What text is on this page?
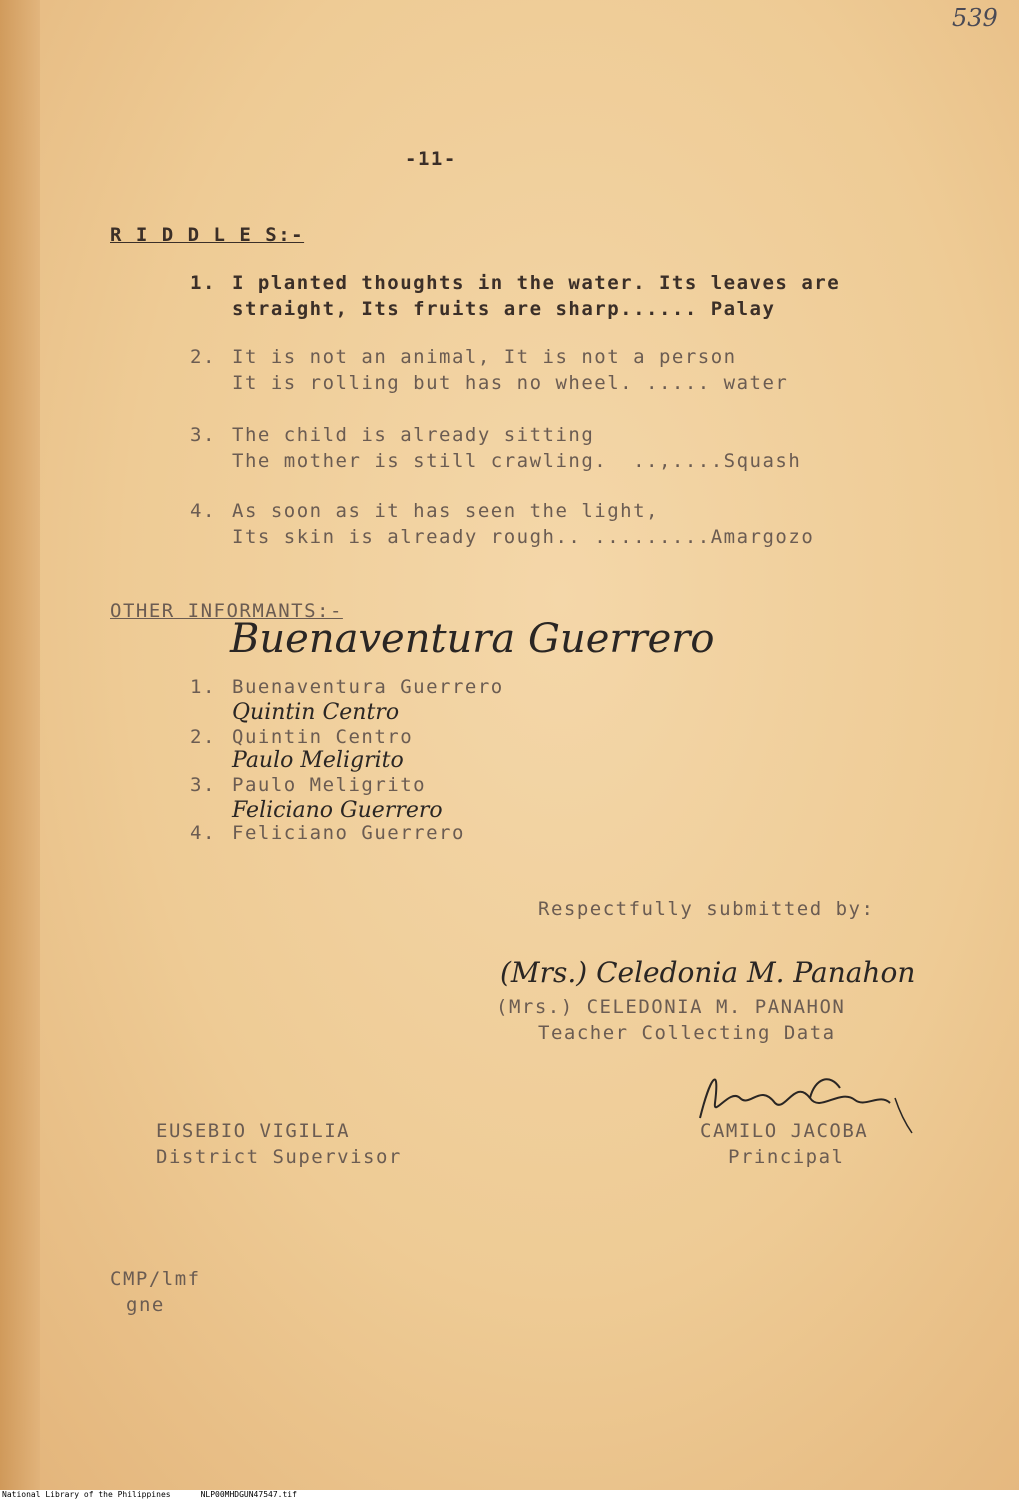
539
-11-
R I D D L E S:-
1. I planted thoughts in the water. Its leaves are
straight, Its fruits are sharp...... Palay
2. It is not an animal, It is not a person
It is rolling but has no wheel. ..... water
3. The child is already sitting
The mother is still crawling.  ..,....Squash
4. As soon as it has seen the light,
Its skin is already rough.. .........Amargozo
OTHER INFORMANTS:-
Buenaventura Guerrero
1. Buenaventura Guerrero
Quintin Centro
2. Quintin Centro
Paulo Meligrito
3. Paulo Meligrito
Feliciano Guerrero
4. Feliciano Guerrero
Respectfully submitted by:
(Mrs.) Celedonia M. Panahon
(Mrs.) CELEDONIA M. PANAHON
Teacher Collecting Data
EUSEBIO VIGILIA
District Supervisor
CAMILO JACOBA
Principal
CMP/lmf
gne
National Library of the Philippines	NLP00MHDGUN47547.tif
